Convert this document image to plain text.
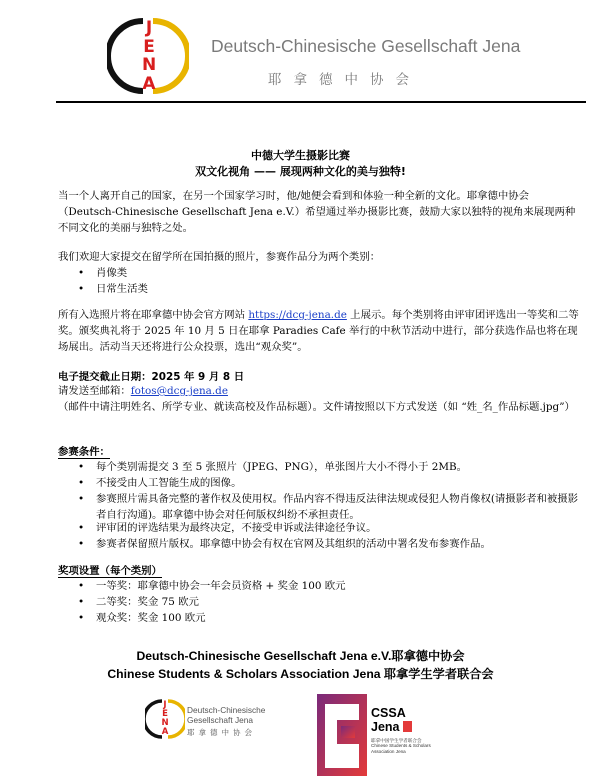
J
E
N
A
Deutsch-Chinesische Gesellschaft Jena
耶拿德中协会
中德大学生摄影比赛
双文化视角 —— 展现两种文化的美与独特!
当一个人离开自己的国家，在另一个国家学习时，他/她便会看到和体验一种全新的文化。耶拿德中协会（Deutsch-Chinesische Gesellschaft Jena e.V.）希望通过举办摄影比赛，鼓励大家以独特的视角来展现两种不同文化的美丽与独特之处。
我们欢迎大家提交在留学所在国拍摄的照片，参赛作品分为两个类别：
• 肖像类
• 日常生活类
所有入选照片将在耶拿德中协会官方网站 https://dcg-jena.de 上展示。每个类别将由评审团评选出一等奖和二等奖。颁奖典礼将于 2025 年 10 月 5 日在耶拿 Paradies Cafe 举行的中秋节活动中进行，部分获选作品也将在现场展出。活动当天还将进行公众投票，选出“观众奖”。
电子提交截止日期：2025 年 9 月 8 日
请发送至邮箱：fotos@dcg-jena.de
（邮件中请注明姓名、所学专业、就读高校及作品标题）。文件请按照以下方式发送（如 “姓_名_作品标题.jpg”）
参赛条件：
• 每个类别需提交 3 至 5 张照片（JPEG、PNG），单张图片大小不得小于 2MB。
• 不接受由人工智能生成的图像。
• 参赛照片需具备完整的著作权及使用权。作品内容不得违反法律法规或侵犯人物肖像权(请摄影者和被摄影者自行沟通)。耶拿德中协会对任何版权纠纷不承担责任。
• 评审团的评选结果为最终决定，不接受申诉或法律途径争议。
• 参赛者保留照片版权。耶拿德中协会有权在官网及其组织的活动中署名发布参赛作品。
奖项设置（每个类别）
• 一等奖：耶拿德中协会一年会员资格 + 奖金 100 欧元
• 二等奖：奖金 75 欧元
• 观众奖：奖金 100 欧元
Deutsch-Chinesische Gesellschaft Jena e.V.耶拿德中协会
Chinese Students & Scholars Association Jena 耶拿学生学者联合会
J
E
N
A
Deutsch-Chinesische
Gesellschaft Jena
耶拿德中协会
CSSA
Jena
耶拿中国学生学者联合会
Chinese Students & Scholars
Association Jena
